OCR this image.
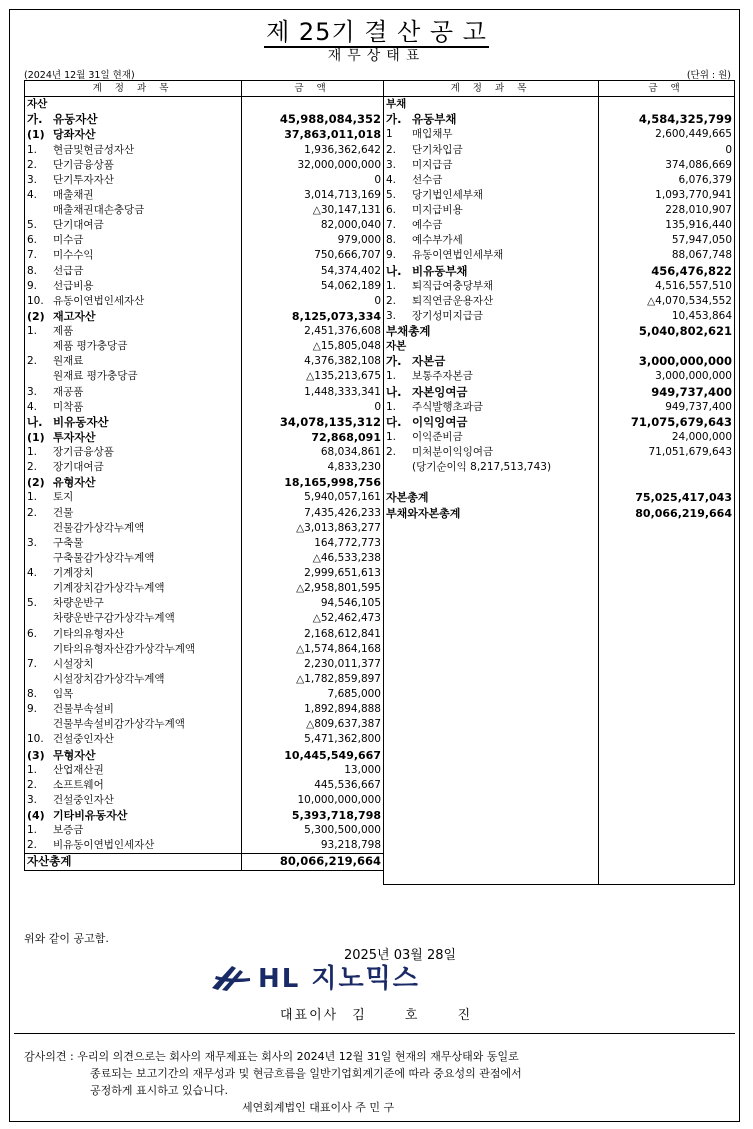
제 25기 결 산 공 고
재무상태표
(2024년 12월 31일 현재)	(단위 : 원)
계 정 과 목	금 액
자산	
가. 유동자산	45,988,084,352
(1) 당좌자산	37,863,011,018
1. 현금및현금성자산	1,936,362,642
2. 단기금융상품	32,000,000,000
3. 단기투자자산	0
4. 매출채권	3,014,713,169
매출채권대손충당금	△30,147,131
5. 단기대여금	82,000,040
6. 미수금	979,000
7. 미수수익	750,666,707
8. 선급금	54,374,402
9. 선급비용	54,062,189
10. 유동이연법인세자산	0
(2) 재고자산	8,125,073,334
1. 제품	2,451,376,608
제품 평가충당금	△15,805,048
2. 원재료	4,376,382,108
원재료 평가충당금	△135,213,675
3. 재공품	1,448,333,341
4. 미착품	0
나. 비유동자산	34,078,135,312
(1) 투자자산	72,868,091
1. 장기금융상품	68,034,861
2. 장기대여금	4,833,230
(2) 유형자산	18,165,998,756
1. 토지	5,940,057,161
2. 건물	7,435,426,233
건물감가상각누계액	△3,013,863,277
3. 구축물	164,772,773
구축물감가상각누계액	△46,533,238
4. 기계장치	2,999,651,613
기계장치감가상각누계액	△2,958,801,595
5. 차량운반구	94,546,105
차량운반구감가상각누계액	△52,462,473
6. 기타의유형자산	2,168,612,841
기타의유형자산감가상각누계액	△1,574,864,168
7. 시설장치	2,230,011,377
시설장치감가상각누계액	△1,782,859,897
8. 임목	7,685,000
9. 건물부속설비	1,892,894,888
건물부속설비감가상각누계액	△809,637,387
10. 건설중인자산	5,471,362,800
(3) 무형자산	10,445,549,667
1. 산업재산권	13,000
2. 소프트웨어	445,536,667
3. 건설중인자산	10,000,000,000
(4) 기타비유동자산	5,393,718,798
1. 보증금	5,300,500,000
2. 비유동이연법인세자산	93,218,798
자산총계	80,066,219,664
계 정 과 목	금 액
부채	
가. 유동부채	4,584,325,799
1 매입채무	2,600,449,665
2. 단기차입금	0
3. 미지급금	374,086,669
4. 선수금	6,076,379
5. 당기법인세부채	1,093,770,941
6. 미지급비용	228,010,907
7. 예수금	135,916,440
8. 예수부가세	57,947,050
9. 유동이연법인세부채	88,067,748
나. 비유동부채	456,476,822
1. 퇴직급여충당부채	4,516,557,510
2. 퇴직연금운용자산	△4,070,534,552
3. 장기성미지급금	10,453,864
부채총계	5,040,802,621
자본	
가. 자본금	3,000,000,000
1. 보통주자본금	3,000,000,000
나. 자본잉여금	949,737,400
1. 주식발행초과금	949,737,400
다. 이익잉여금	71,075,679,643
1. 이익준비금	24,000,000
2. 미처분이익잉여금	71,051,679,643
(당기순이익 8,217,513,743)	

자본총계	75,025,417,043
부채와자본총계	80,066,219,664

위와 같이 공고함.
2025년 03월 28일
HL 지노믹스
대표이사 김 호 진
감사의견 : 우리의 의견으로는 회사의 재무제표는 회사의 2024년 12월 31일 현재의 재무상태와 동일로
종료되는 보고기간의 재무성과 및 현금흐름을 일반기업회계기준에 따라 중요성의 관점에서
공정하게 표시하고 있습니다.
세연회계법인 대표이사 주 민 구
